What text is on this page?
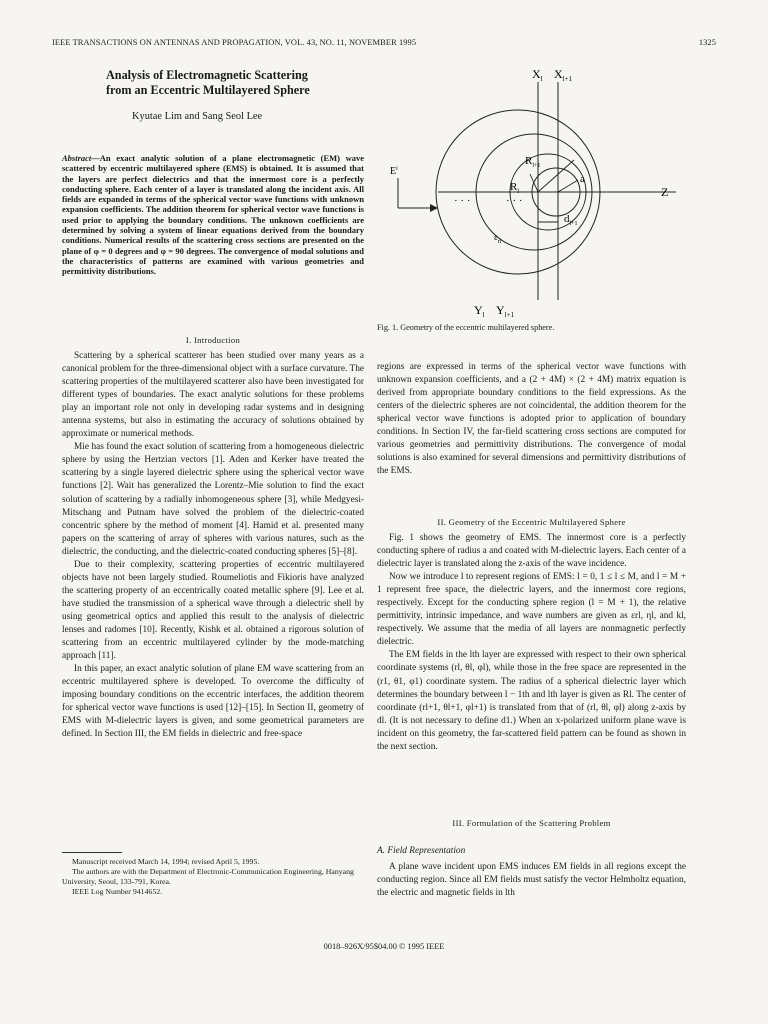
IEEE TRANSACTIONS ON ANTENNAS AND PROPAGATION, VOL. 43, NO. 11, NOVEMBER 1995	1325
Analysis of Electromagnetic Scattering
from an Eccentric Multilayered Sphere
Kyutae Lim and Sang Seol Lee
Abstract—An exact analytic solution of a plane electromagnetic (EM) wave scattered by eccentric multilayered sphere (EMS) is obtained. It is assumed that the layers are perfect dielectrics and that the innermost core is a perfectly conducting sphere. Each center of a layer is translated along the incident axis. All fields are expanded in terms of the spherical vector wave functions with unknown expansion coefficients. The addition theorem for spherical vector wave functions is used prior to applying the boundary conditions. The unknown coefficients are determined by solving a system of linear equations derived from the boundary conditions. Numerical results of the scattering cross sections are presented on the plane of φ = 0 degrees and φ = 90 degrees. The convergence of modal solutions and the characteristics of patterns are examined with various geometries and permittivity distributions.
I. Introduction

Scattering by a spherical scatterer has been studied over many years as a canonical problem for the three-dimensional object with a surface curvature. The scattering properties of the multilayered scatterer also have been investigated for different types of boundaries. The exact analytic solutions for these problems play an important role not only in developing radar systems and in designing antenna systems, but also in estimating the accuracy of solutions obtained by approximate or numerical methods.

Mie has found the exact solution of scattering from a homogeneous dielectric sphere by using the Hertzian vectors [1]. Aden and Kerker have treated the scattering by a single layered dielectric sphere using the spherical vector wave functions [2]. Wait has generalized the Lorentz–Mie solution to find the exact solution of scattering by a radially inhomogeneous sphere [3], while Medgyesi-Mitschang and Putnam have solved the problem of the dielectric-coated concentric sphere by the method of moment [4]. Hamid et al. presented many papers on the scattering of array of spheres with various natures, such as the dielectric, the conducting, and the dielectric-coated conducting spheres [5]–[8].

Due to their complexity, scattering properties of eccentric multilayered objects have not been largely studied. Roumeliotis and Fikioris have analyzed the scattering property of an eccentrically coated metallic sphere [9]. Lee et al. have studied the transmission of a spherical wave through a dielectric shell by using geometrical optics and applied this result to the analysis of dielectric lenses and radomes [10]. Recently, Kishk et al. obtained a rigorous solution of scattering from an eccentric multilayered cylinder by the mode-matching approach [11].

In this paper, an exact analytic solution of plane EM wave scattering from an eccentric multilayered sphere is developed. To overcome the difficulty of imposing boundary conditions on the eccentric interfaces, the addition theorem for spherical vector wave functions is used [12]–[15]. In Section II, geometry of EMS with M-dielectric layers is given, and some geometrical parameters are defined. In Section III, the EM fields in dielectric and free-space

Manuscript received March 14, 1994; revised April 5, 1995.

The authors are with the Department of Electronic-Communication Engineering, Hanyang University, Seoul, 133-791, Korea.

IEEE Log Number 9414652.

$X_l$ $X_{l+1}$
$Y_l$ $Y_{l+1}$
Z
$E^i$
$R_{l+1}$
$R_l$
a
$d_{l+1}$
$\varepsilon_{rl}$
· · ·	· · ·
Fig. 1. Geometry of the eccentric multilayered sphere.

regions are expressed in terms of the spherical vector wave functions with unknown expansion coefficients, and a (2 + 4M) × (2 + 4M) matrix equation is derived from appropriate boundary conditions to the field expressions. As the centers of the dielectric spheres are not coincidental, the addition theorem for the spherical vector wave functions is adopted prior to application of boundary conditions. In Section IV, the far-field scattering cross sections are computed for various geometries and permittivity distributions. The convergence of modal solutions is also examined for several dimensions and permittivity distributions of the EMS.

II. Geometry of the Eccentric Multilayered Sphere

Fig. 1 shows the geometry of EMS. The innermost core is a perfectly conducting sphere of radius a and coated with M-dielectric layers. Each center of a dielectric layer is translated along the z-axis of the wave incidence.

Now we introduce l to represent regions of EMS: l = 0, 1 ≤ l ≤ M, and l = M + 1 represent free space, the dielectric layers, and the innermost core regions, respectively. Except for the conducting sphere region (l = M + 1), the relative permittivity, intrinsic impedance, and wave numbers are given as εrl, ηl, and kl, respectively. We assume that the media of all layers are nonmagnetic perfectly dielectric.

The EM fields in the lth layer are expressed with respect to their own spherical coordinate systems (rl, θl, φl), while those in the free space are represented in the (r1, θ1, φ1) coordinate system. The radius of a spherical dielectric layer which determines the boundary between l − 1th and lth layer is given as Rl. The center of coordinate (rl+1, θl+1, φl+1) is translated from that of (rl, θl, φl) along z-axis by dl. (It is not necessary to define d1.) When an x-polarized uniform plane wave is incident on this geometry, the far-scattered field pattern can be found as shown in the next section.

III. Formulation of the Scattering Problem
A. Field Representation

A plane wave incident upon EMS induces EM fields in all regions except the conducting region. Since all EM fields must satisfy the vector Helmholtz equation, the electric and magnetic fields in lth

0018–926X/95$04.00 © 1995 IEEE
